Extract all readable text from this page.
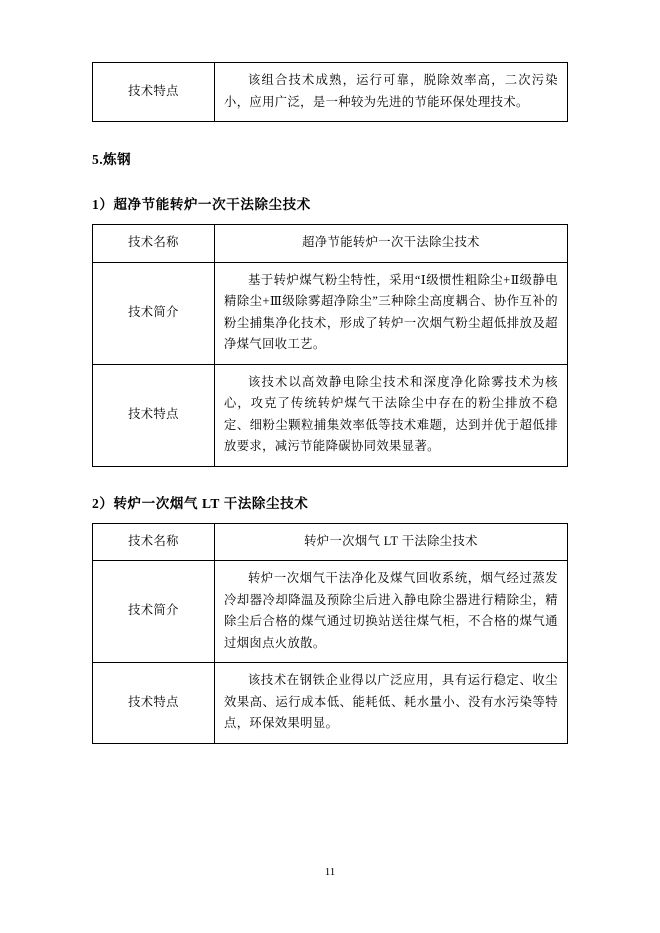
技术特点	该组合技术成熟，运行可靠，脱除效率高，二次污染小，应用广泛，是一种较为先进的节能环保处理技术。
5.炼钢
1）超净节能转炉一次干法除尘技术
技术名称	超净节能转炉一次干法除尘技术
技术简介	基于转炉煤气粉尘特性，采用“Ⅰ级惯性粗除尘+Ⅱ级静电精除尘+Ⅲ级除雾超净除尘”三种除尘高度耦合、协作互补的粉尘捕集净化技术，形成了转炉一次烟气粉尘超低排放及超净煤气回收工艺。
技术特点	该技术以高效静电除尘技术和深度净化除雾技术为核心，攻克了传统转炉煤气干法除尘中存在的粉尘排放不稳定、细粉尘颗粒捕集效率低等技术难题，达到并优于超低排放要求，减污节能降碳协同效果显著。
2）转炉一次烟气 LT 干法除尘技术
技术名称	转炉一次烟气 LT 干法除尘技术
技术简介	转炉一次烟气干法净化及煤气回收系统，烟气经过蒸发冷却器冷却降温及预除尘后进入静电除尘器进行精除尘，精除尘后合格的煤气通过切换站送往煤气柜，不合格的煤气通过烟囱点火放散。
技术特点	该技术在钢铁企业得以广泛应用，具有运行稳定、收尘效果高、运行成本低、能耗低、耗水量小、没有水污染等特点，环保效果明显。
11
